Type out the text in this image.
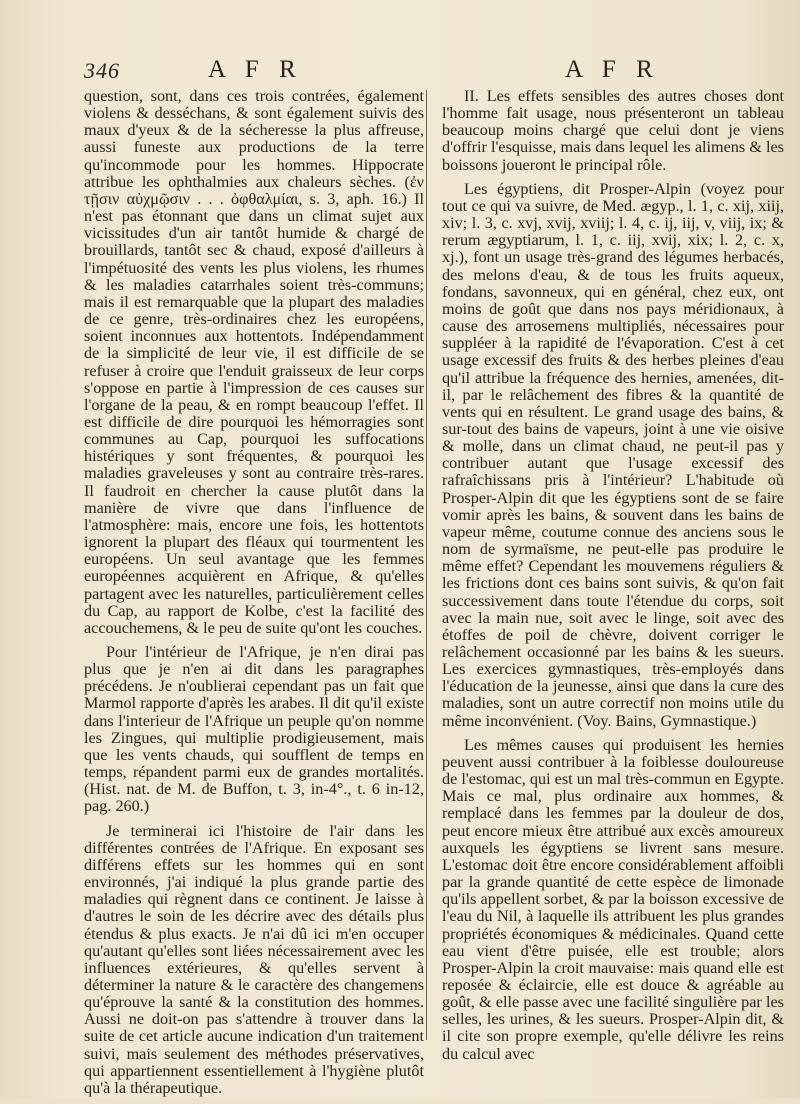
346	A F R	A F R

question, sont, dans ces trois contrées, également violens & desséchans, & sont également suivis des maux d'yeux & de la sécheresse la plus affreuse, aussi funeste aux productions de la terre qu'incommode pour les hommes. Hippocrate attribue les ophthalmies aux chaleurs sèches. (ἐν τῇσιν αὐχμῷσιν . . . ὀφθαλμίαι, s. 3, aph. 16.) Il n'est pas étonnant que dans un climat sujet aux vicissitudes d'un air tantôt humide & chargé de brouillards, tantôt sec & chaud, exposé d'ailleurs à l'impétuosité des vents les plus violens, les rhumes & les maladies catarrhales soient très-communs; mais il est remarquable que la plupart des maladies de ce genre, très-ordinaires chez les européens, soient inconnues aux hottentots. Indépendamment de la simplicité de leur vie, il est difficile de se refuser à croire que l'enduit graisseux de leur corps s'oppose en partie à l'impression de ces causes sur l'organe de la peau, & en rompt beaucoup l'effet. Il est difficile de dire pourquoi les hémorragies sont communes au Cap, pourquoi les suffocations histériques y sont fréquentes, & pourquoi les maladies graveleuses y sont au contraire très-rares. Il faudroit en chercher la cause plutôt dans la manière de vivre que dans l'influence de l'atmosphère: mais, encore une fois, les hottentots ignorent la plupart des fléaux qui tourmentent les européens. Un seul avantage que les femmes européennes acquièrent en Afrique, & qu'elles partagent avec les naturelles, particulièrement celles du Cap, au rapport de Kolbe, c'est la facilité des accouchemens, & le peu de suite qu'ont les couches.

Pour l'intérieur de l'Afrique, je n'en dirai pas plus que je n'en ai dit dans les paragraphes précédens. Je n'oublierai cependant pas un fait que Marmol rapporte d'après les arabes. Il dit qu'il existe dans l'interieur de l'Afrique un peuple qu'on nomme les Zingues, qui multiplie prodigieusement, mais que les vents chauds, qui soufflent de temps en temps, répandent parmi eux de grandes mortalités. (Hist. nat. de M. de Buffon, t. 3, in-4°., t. 6 in-12, pag. 260.)

Je terminerai ici l'histoire de l'air dans les différentes contrées de l'Afrique. En exposant ses différens effets sur les hommes qui en sont environnés, j'ai indiqué la plus grande partie des maladies qui règnent dans ce continent. Je laisse à d'autres le soin de les décrire avec des détails plus étendus & plus exacts. Je n'ai dû ici m'en occuper qu'autant qu'elles sont liées nécessairement avec les influences extérieures, & qu'elles servent à déterminer la nature & le caractère des changemens qu'éprouve la santé & la constitution des hommes. Aussi ne doit-on pas s'attendre à trouver dans la suite de cet article aucune indication d'un traitement suivi, mais seulement des méthodes préservatives, qui appartiennent essentiellement à l'hygiène plutôt qu'à la thérapeutique.

II. Les effets sensibles des autres choses dont l'homme fait usage, nous présenteront un tableau beaucoup moins chargé que celui dont je viens d'offrir l'esquisse, mais dans lequel les alimens & les boissons joueront le principal rôle.

Les égyptiens, dit Prosper-Alpin (voyez pour tout ce qui va suivre, de Med. ægyp., l. 1, c. xij, xiij, xiv; l. 3, c. xvj, xvij, xviij; l. 4, c. ij, iij, v, viij, ix; & rerum ægyptiarum, l. 1, c. iij, xvij, xix; l. 2, c. x, xj.), font un usage très-grand des légumes herbacés, des melons d'eau, & de tous les fruits aqueux, fondans, savonneux, qui en général, chez eux, ont moins de goût que dans nos pays méridionaux, à cause des arrosemens multipliés, nécessaires pour suppléer à la rapidité de l'évaporation. C'est à cet usage excessif des fruits & des herbes pleines d'eau qu'il attribue la fréquence des hernies, amenées, dit-il, par le relâchement des fibres & la quantité de vents qui en résultent. Le grand usage des bains, & sur-tout des bains de vapeurs, joint à une vie oisive & molle, dans un climat chaud, ne peut-il pas y contribuer autant que l'usage excessif des rafraîchissans pris à l'intérieur? L'habitude où Prosper-Alpin dit que les égyptiens sont de se faire vomir après les bains, & souvent dans les bains de vapeur même, coutume connue des anciens sous le nom de syrmaïsme, ne peut-elle pas produire le même effet? Cependant les mouvemens réguliers & les frictions dont ces bains sont suivis, & qu'on fait successivement dans toute l'étendue du corps, soit avec la main nue, soit avec le linge, soit avec des étoffes de poil de chèvre, doivent corriger le relâchement occasionné par les bains & les sueurs. Les exercices gymnastiques, très-employés dans l'éducation de la jeunesse, ainsi que dans la cure des maladies, sont un autre correctif non moins utile du même inconvénient. (Voy. Bains, Gymnastique.)

Les mêmes causes qui produisent les hernies peuvent aussi contribuer à la foiblesse douloureuse de l'estomac, qui est un mal très-commun en Egypte. Mais ce mal, plus ordinaire aux hommes, & remplacé dans les femmes par la douleur de dos, peut encore mieux être attribué aux excès amoureux auxquels les égyptiens se livrent sans mesure. L'estomac doit être encore considérablement affoibli par la grande quantité de cette espèce de limonade qu'ils appellent sorbet, & par la boisson excessive de l'eau du Nil, à laquelle ils attribuent les plus grandes propriétés économiques & médicinales. Quand cette eau vient d'être puisée, elle est trouble; alors Prosper-Alpin la croit mauvaise: mais quand elle est reposée & éclaircie, elle est douce & agréable au goût, & elle passe avec une facilité singulière par les selles, les urines, & les sueurs. Prosper-Alpin dit, & il cite son propre exemple, qu'elle délivre les reins du calcul avec
